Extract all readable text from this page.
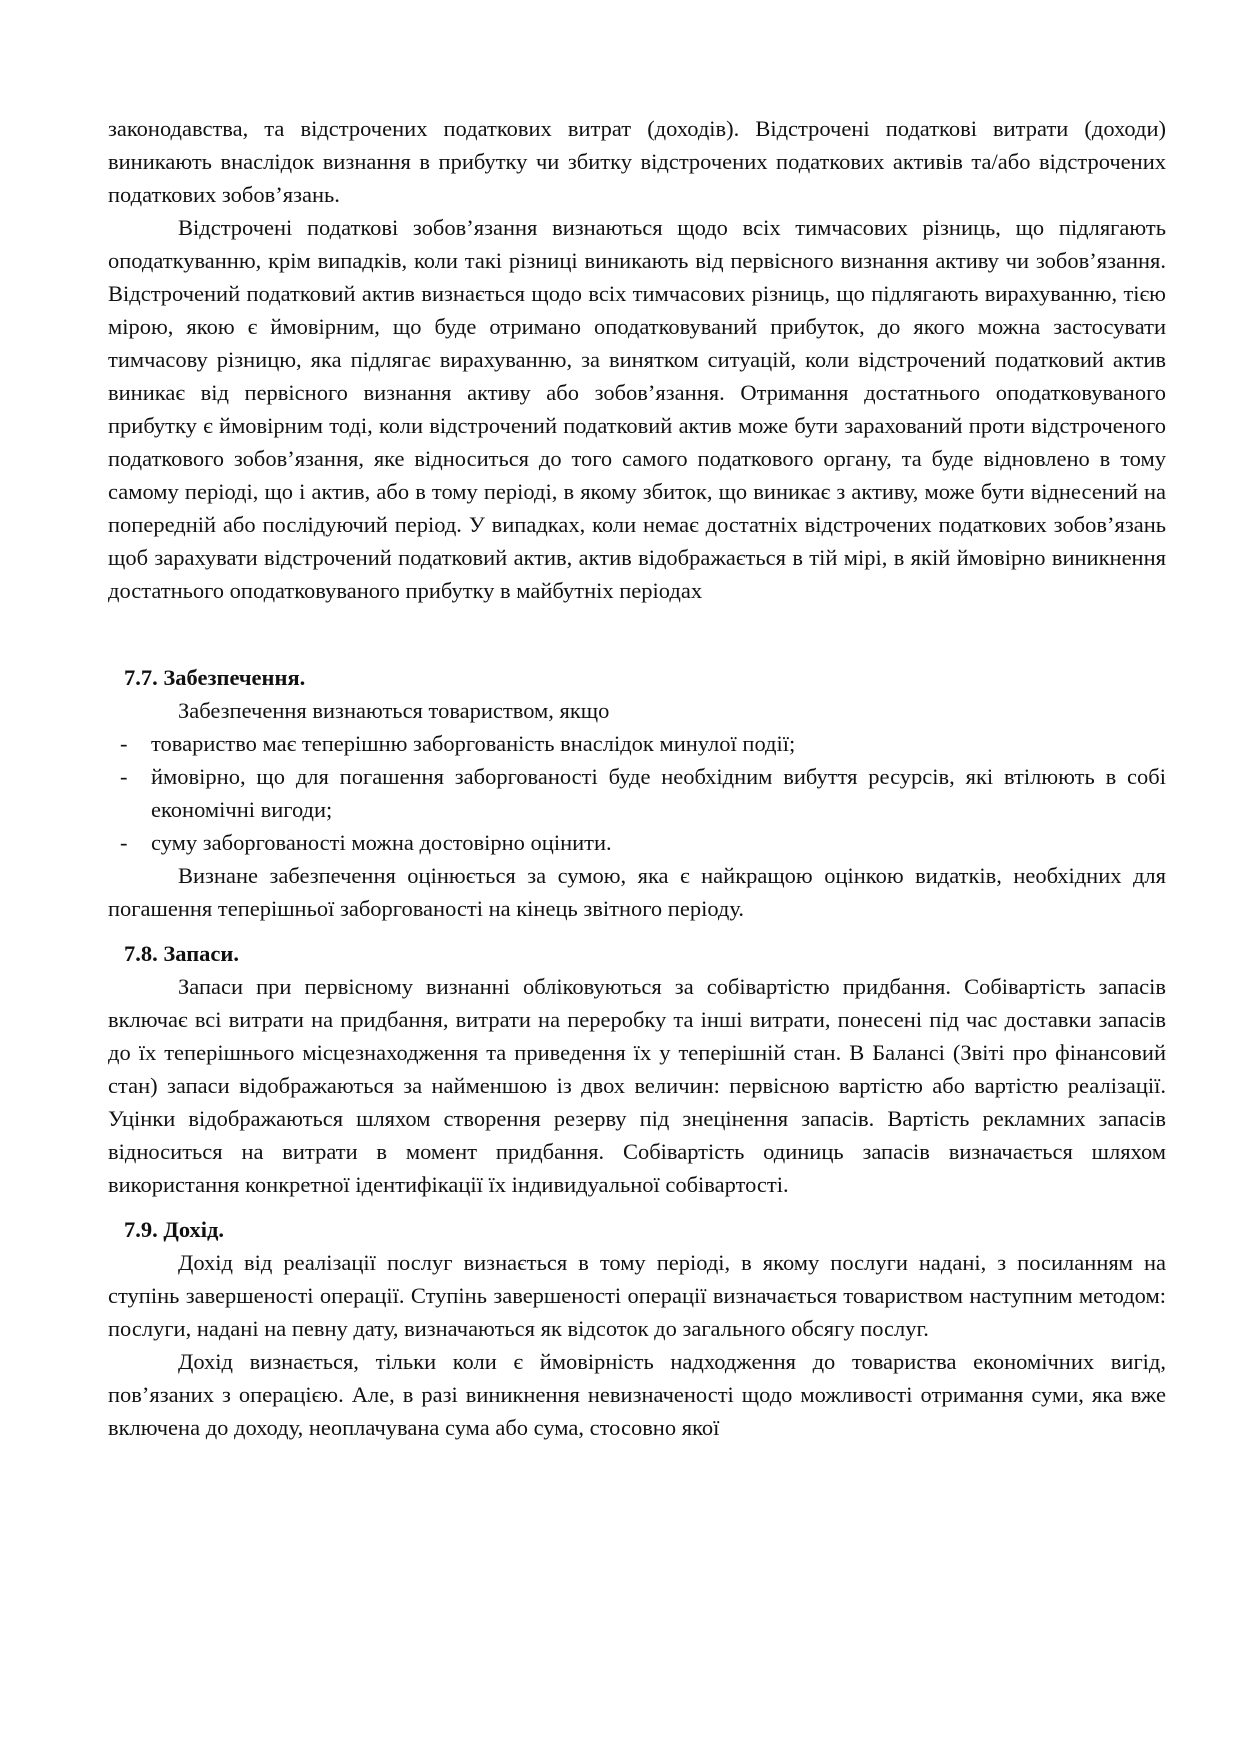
законодавства, та відстрочених податкових витрат (доходів). Відстрочені податкові витрати (доходи) виникають внаслідок визнання в прибутку чи збитку відстрочених податкових активів та/або відстрочених податкових зобов’язань.

Відстрочені податкові зобов’язання визнаються щодо всіх тимчасових різниць, що підлягають оподаткуванню, крім випадків, коли такі різниці виникають від первісного визнання активу чи зобов’язання. Відстрочений податковий актив визнається щодо всіх тимчасових різниць, що підлягають вирахуванню, тією мірою, якою є ймовірним, що буде отримано оподатковуваний прибуток, до якого можна застосувати тимчасову різницю, яка підлягає вирахуванню, за винятком ситуацій, коли відстрочений податковий актив виникає від первісного визнання активу або зобов’язання. Отримання достатнього оподатковуваного прибутку є ймовірним тоді, коли відстрочений податковий актив може бути зарахований проти відстроченого податкового зобов’язання, яке відноситься до того самого податкового органу, та буде відновлено в тому самому періоді, що і актив, або в тому періоді, в якому збиток, що виникає з активу, може бути віднесений на попередній або послідуючий період. У випадках, коли немає достатніх відстрочених податкових зобов’язань щоб зарахувати відстрочений податковий актив, актив відображається в тій мірі, в якій ймовірно виникнення достатнього оподатковуваного прибутку в майбутніх періодах

7.7. Забезпечення.

Забезпечення визнаються товариством, якщо

- товариство має теперішню заборгованість внаслідок минулої події;
- ймовірно, що для погашення заборгованості буде необхідним вибуття ресурсів, які втілюють в собі економічні вигоди;
- суму заборгованості можна достовірно оцінити.

Визнане забезпечення оцінюється за сумою, яка є найкращою оцінкою видатків, необхідних для погашення теперішньої заборгованості на кінець звітного періоду.

7.8. Запаси.

Запаси при первісному визнанні обліковуються за собівартістю придбання. Собівартість запасів включає всі витрати на придбання, витрати на переробку та інші витрати, понесені під час доставки запасів до їх теперішнього місцезнаходження та приведення їх у теперішній стан. В Балансі (Звіті про фінансовий стан) запаси відображаються за найменшою із двох величин: первісною вартістю або вартістю реалізації. Уцінки відображаються шляхом створення резерву під знецінення запасів. Вартість рекламних запасів відноситься на витрати в момент придбання. Собівартість одиниць запасів визначається шляхом використання конкретної ідентифікації їх індивидуальної собівартості.

7.9. Дохід.

Дохід від реалізації послуг визнається в тому періоді, в якому послуги надані, з посиланням на ступінь завершеності операції. Ступінь завершеності операції визначається товариством наступним методом: послуги, надані на певну дату, визначаються як відсоток до загального обсягу послуг.

Дохід визнається, тільки коли є ймовірність надходження до товариства економічних вигід, пов’язаних з операцією. Але, в разі виникнення невизначеності щодо можливості отримання суми, яка вже включена до доходу, неоплачувана сума або сума, стосовно якої
